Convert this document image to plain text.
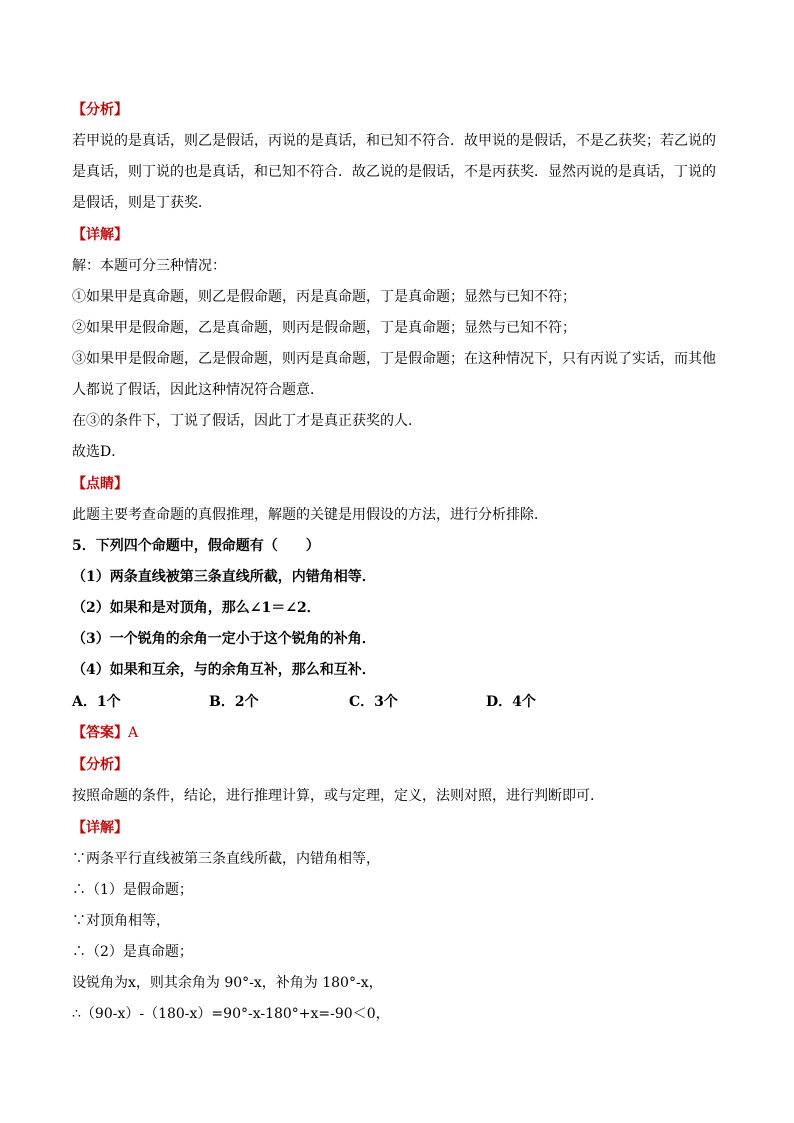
【分析】
若甲说的是真话，则乙是假话，丙说的是真话，和已知不符合．故甲说的是假话，不是乙获奖；若乙说的
是真话，则丁说的也是真话，和已知不符合．故乙说的是假话，不是丙获奖．显然丙说的是真话，丁说的
是假话，则是丁获奖．
【详解】
解：本题可分三种情况：
①如果甲是真命题，则乙是假命题，丙是真命题，丁是真命题；显然与已知不符；
②如果甲是假命题，乙是真命题，则丙是假命题，丁是真命题；显然与已知不符；
③如果甲是假命题，乙是假命题，则丙是真命题，丁是假命题；在这种情况下，只有丙说了实话，而其他
人都说了假话，因此这种情况符合题意．
在③的条件下，丁说了假话，因此丁才是真正获奖的人．
故选D．
【点睛】
此题主要考查命题的真假推理，解题的关键是用假设的方法，进行分析排除．
5．下列四个命题中，假命题有（　　）
（1）两条直线被第三条直线所截，内错角相等．
（2）如果和是对顶角，那么∠1＝∠2．
（3）一个锐角的余角一定小于这个锐角的补角．
（4）如果和互余，与的余角互补，那么和互补．
A．1个	B．2个	C．3个	D．4个
【答案】A
【分析】
按照命题的条件，结论，进行推理计算，或与定理，定义，法则对照，进行判断即可.
【详解】
∵两条平行直线被第三条直线所截，内错角相等，
∴（1）是假命题；
∵对顶角相等，
∴（2）是真命题；
设锐角为x，则其余角为 90°-x，补角为 180°-x，
∴（90-x）-（180-x）=90°-x-180°+x=-90＜0，
